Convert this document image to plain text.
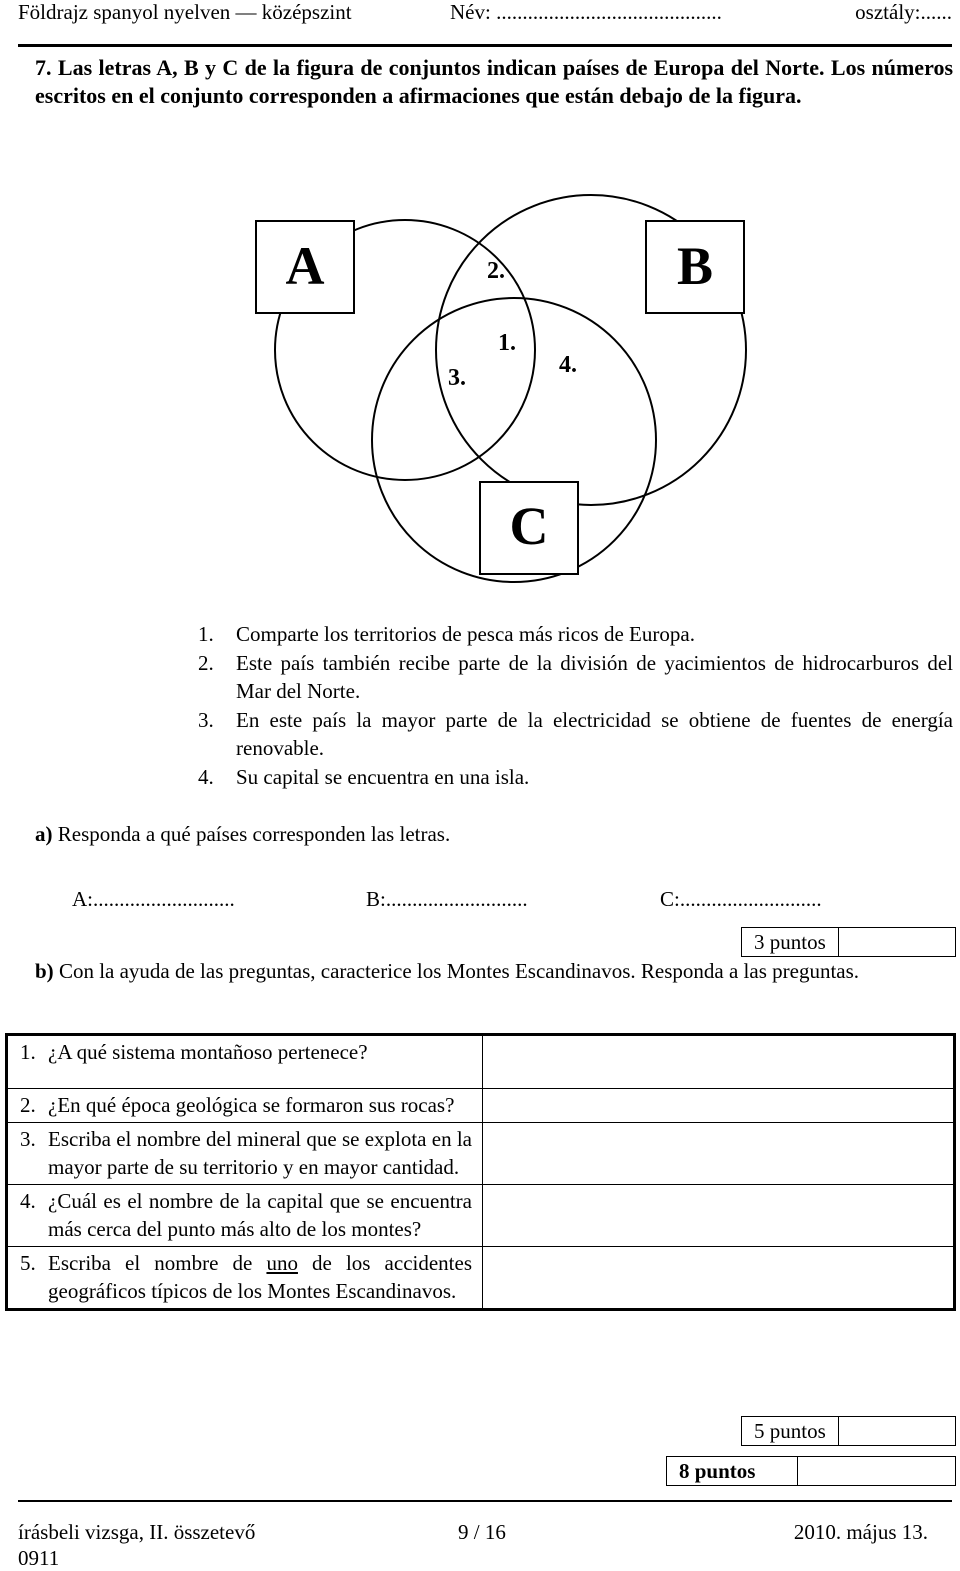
Földrajz spanyol nyelven — középszint	Név: ...........................................	osztály:......

7. Las letras A, B y C de la figura de conjuntos indican países de Europa del Norte. Los números escritos en el conjunto corresponden a afirmaciones que están debajo de la figura.

A	B
C
2.
1.
3.	4.
1.	Comparte los territorios de pesca más ricos de Europa.
2.	Este país también recibe parte de la división de yacimientos de hidrocarburos del Mar del Norte.
3.	En este país la mayor parte de la electricidad se obtiene de fuentes de energía renovable.
4.	Su capital se encuentra en una isla.
a) Responda a qué países corresponden las letras.
A:...........................	B:...........................	C:...........................
3 puntos
b) Con la ayuda de las preguntas, caracterice los Montes Escandinavos. Responda a las preguntas.
1. ¿A qué sistema montañoso pertenece?	

2. ¿En qué época geológica se formaron sus rocas?	

3. Escriba el nombre del mineral que se explota en la mayor parte de su territorio y en mayor cantidad.	

4. ¿Cuál es el nombre de la capital que se encuentra más cerca del punto más alto de los montes?	

5. Escriba el nombre de uno de los accidentes geográficos típicos de los Montes Escandinavos.	

5 puntos
8 puntos
írásbeli vizsga, II. összetevő
0911
9 / 16	2010. május 13.
